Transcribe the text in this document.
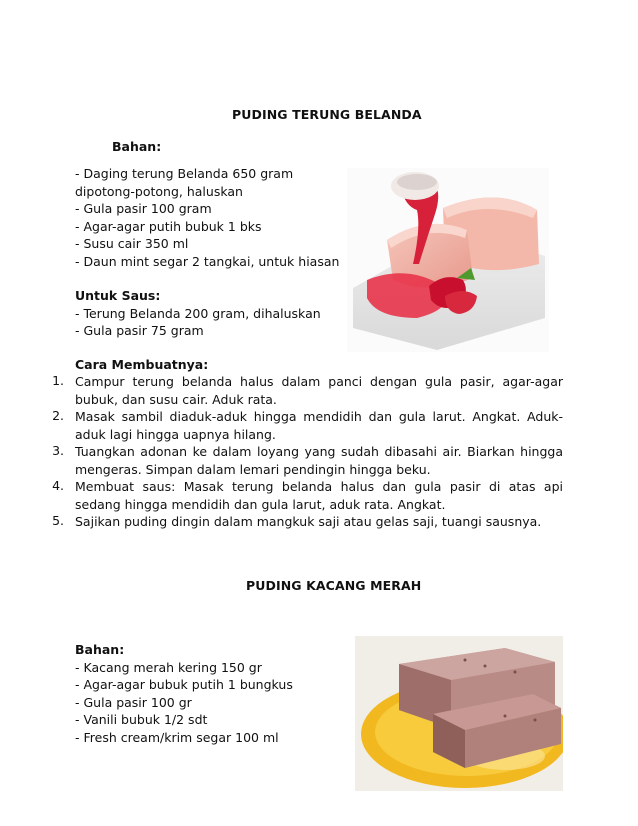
PUDING TERUNG BELANDA
Bahan:
- Daging terung Belanda 650 gram
dipotong-potong, haluskan
- Gula pasir 100 gram
- Agar-agar putih bubuk 1 bks
- Susu cair 350 ml
- Daun mint segar 2 tangkai, untuk hiasan
Untuk Saus:
- Terung Belanda 200 gram, dihaluskan
- Gula pasir 75 gram
Cara Membuatnya:
1. Campur terung belanda halus dalam panci dengan gula pasir, agar-agar bubuk, dan susu cair. Aduk rata.
2. Masak sambil diaduk-aduk hingga mendidih dan gula larut. Angkat. Aduk-aduk lagi hingga uapnya hilang.
3. Tuangkan adonan ke dalam loyang yang sudah dibasahi air. Biarkan hingga mengeras. Simpan dalam lemari pendingin hingga beku.
4. Membuat saus: Masak terung belanda halus dan gula pasir di atas api sedang hingga mendidih dan gula larut, aduk rata. Angkat.
5. Sajikan puding dingin dalam mangkuk saji atau gelas saji, tuangi sausnya.
PUDING KACANG MERAH
Bahan:
- Kacang merah kering 150 gr
- Agar-agar bubuk putih 1 bungkus
- Gula pasir 100 gr
- Vanili bubuk 1/2 sdt
- Fresh cream/krim segar 100 ml
